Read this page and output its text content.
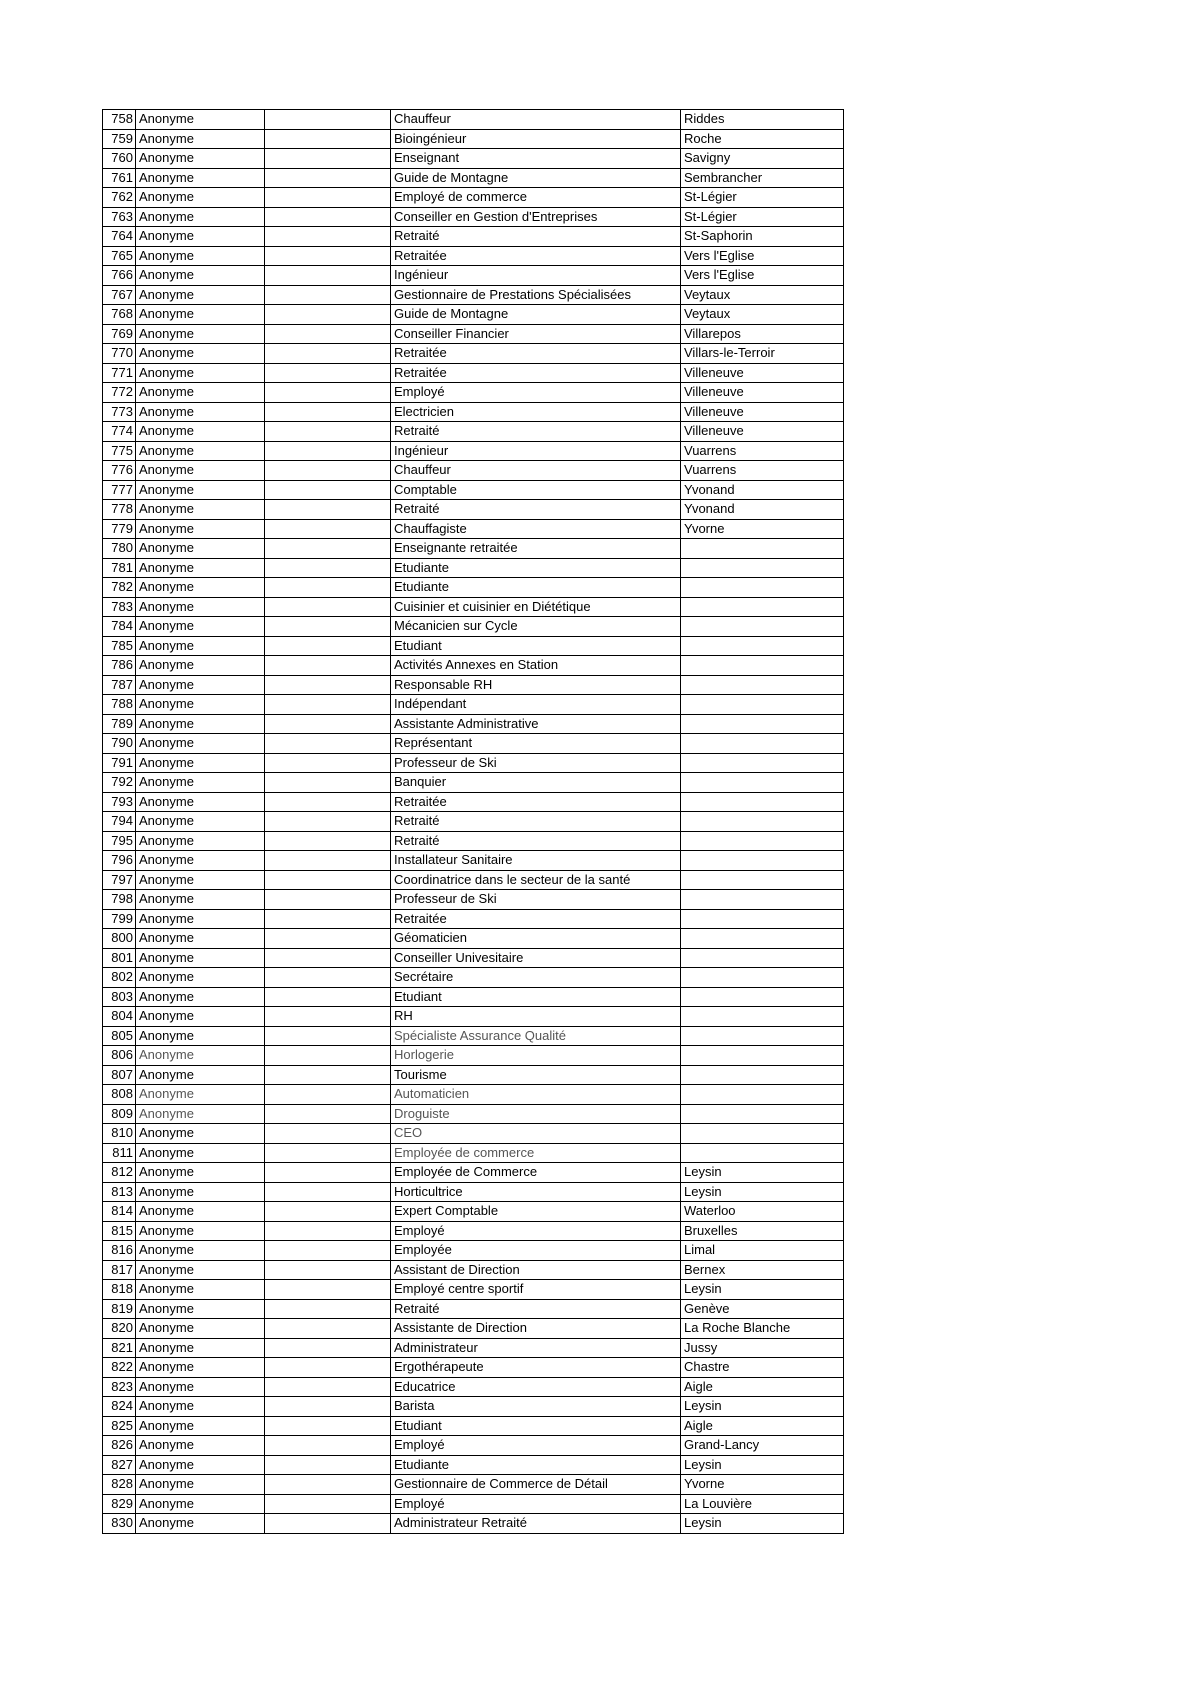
758	Anonyme		Chauffeur	Riddes
759	Anonyme		Bioingénieur	Roche
760	Anonyme		Enseignant	Savigny
761	Anonyme		Guide de Montagne	Sembrancher
762	Anonyme		Employé de commerce	St-Légier
763	Anonyme		Conseiller en Gestion d'Entreprises	St-Légier
764	Anonyme		Retraité	St-Saphorin
765	Anonyme		Retraitée	Vers l'Eglise
766	Anonyme		Ingénieur	Vers l'Eglise
767	Anonyme		Gestionnaire de Prestations Spécialisées	Veytaux
768	Anonyme		Guide de Montagne	Veytaux
769	Anonyme		Conseiller Financier	Villarepos
770	Anonyme		Retraitée	Villars-le-Terroir
771	Anonyme		Retraitée	Villeneuve
772	Anonyme		Employé	Villeneuve
773	Anonyme		Electricien	Villeneuve
774	Anonyme		Retraité	Villeneuve
775	Anonyme		Ingénieur	Vuarrens
776	Anonyme		Chauffeur	Vuarrens
777	Anonyme		Comptable	Yvonand
778	Anonyme		Retraité	Yvonand
779	Anonyme		Chauffagiste	Yvorne
780	Anonyme		Enseignante retraitée	
781	Anonyme		Etudiante	
782	Anonyme		Etudiante	
783	Anonyme		Cuisinier et cuisinier en Diététique	
784	Anonyme		Mécanicien sur Cycle	
785	Anonyme		Etudiant	
786	Anonyme		Activités Annexes en Station	
787	Anonyme		Responsable RH	
788	Anonyme		Indépendant	
789	Anonyme		Assistante Administrative	
790	Anonyme		Représentant	
791	Anonyme		Professeur de Ski	
792	Anonyme		Banquier	
793	Anonyme		Retraitée	
794	Anonyme		Retraité	
795	Anonyme		Retraité	
796	Anonyme		Installateur Sanitaire	
797	Anonyme		Coordinatrice dans le secteur de la santé	
798	Anonyme		Professeur de Ski	
799	Anonyme		Retraitée	
800	Anonyme		Géomaticien	
801	Anonyme		Conseiller Univesitaire	
802	Anonyme		Secrétaire	
803	Anonyme		Etudiant	
804	Anonyme		RH	
805	Anonyme		Spécialiste Assurance Qualité	
806	Anonyme		Horlogerie	
807	Anonyme		Tourisme	
808	Anonyme		Automaticien	
809	Anonyme		Droguiste	
810	Anonyme		CEO	
811	Anonyme		Employée de commerce	
812	Anonyme		Employée de Commerce	Leysin
813	Anonyme		Horticultrice	Leysin
814	Anonyme		Expert Comptable	Waterloo
815	Anonyme		Employé	Bruxelles
816	Anonyme		Employée	Limal
817	Anonyme		Assistant de Direction	Bernex
818	Anonyme		Employé centre sportif	Leysin
819	Anonyme		Retraité	Genève
820	Anonyme		Assistante de Direction	La Roche Blanche
821	Anonyme		Administrateur	Jussy
822	Anonyme		Ergothérapeute	Chastre
823	Anonyme		Educatrice	Aigle
824	Anonyme		Barista	Leysin
825	Anonyme		Etudiant	Aigle
826	Anonyme		Employé	Grand-Lancy
827	Anonyme		Etudiante	Leysin
828	Anonyme		Gestionnaire de Commerce de Détail	Yvorne
829	Anonyme		Employé	La Louvière
830	Anonyme		Administrateur Retraité	Leysin
